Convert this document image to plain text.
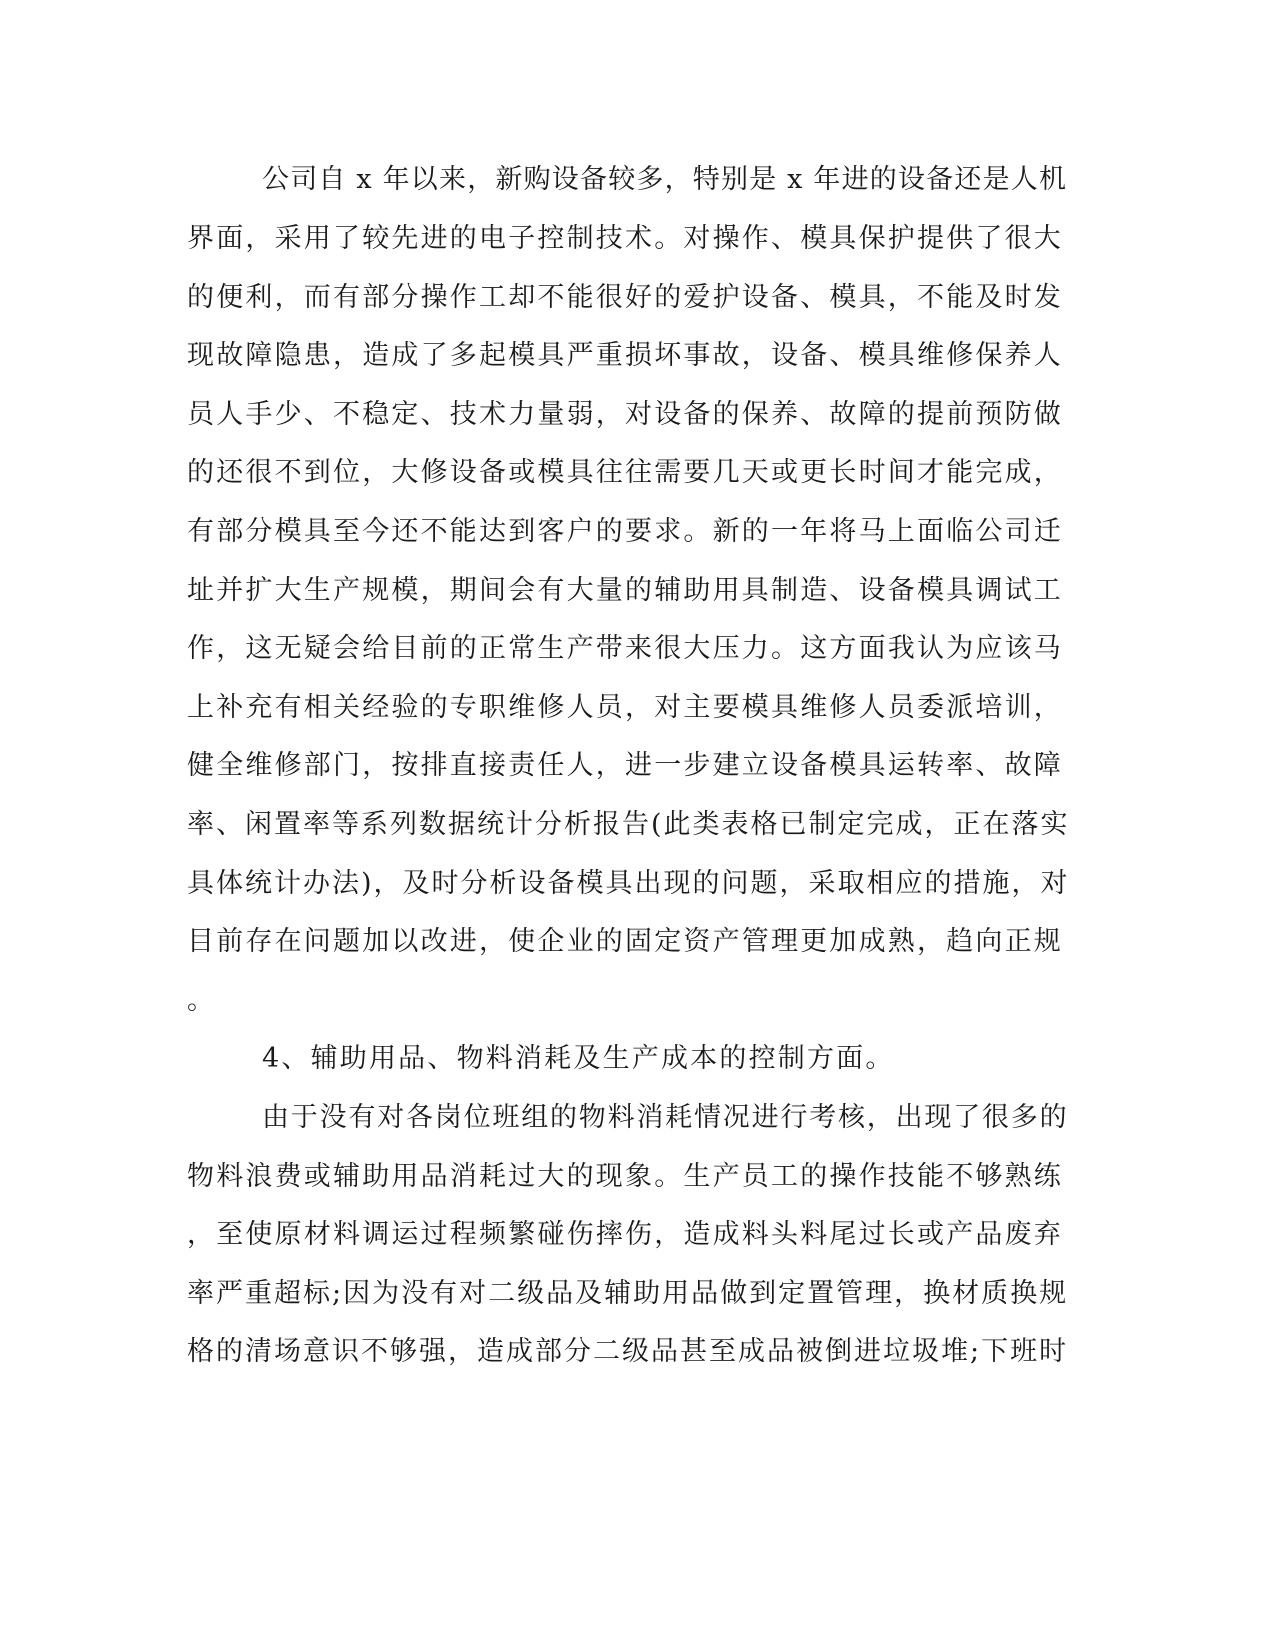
公司自 x 年以来，新购设备较多，特别是 x 年进的设备还是人机
界面，采用了较先进的电子控制技术。对操作、模具保护提供了很大
的便利，而有部分操作工却不能很好的爱护设备、模具，不能及时发
现故障隐患，造成了多起模具严重损坏事故，设备、模具维修保养人
员人手少、不稳定、技术力量弱，对设备的保养、故障的提前预防做
的还很不到位，大修设备或模具往往需要几天或更长时间才能完成，
有部分模具至今还不能达到客户的要求。新的一年将马上面临公司迁
址并扩大生产规模，期间会有大量的辅助用具制造、设备模具调试工
作，这无疑会给目前的正常生产带来很大压力。这方面我认为应该马
上补充有相关经验的专职维修人员，对主要模具维修人员委派培训，
健全维修部门，按排直接责任人，进一步建立设备模具运转率、故障
率、闲置率等系列数据统计分析报告(此类表格已制定完成，正在落实
具体统计办法)，及时分析设备模具出现的问题，采取相应的措施，对
目前存在问题加以改进，使企业的固定资产管理更加成熟，趋向正规
。
4、辅助用品、物料消耗及生产成本的控制方面。
由于没有对各岗位班组的物料消耗情况进行考核，出现了很多的
物料浪费或辅助用品消耗过大的现象。生产员工的操作技能不够熟练
，至使原材料调运过程频繁碰伤摔伤，造成料头料尾过长或产品废弃
率严重超标;因为没有对二级品及辅助用品做到定置管理，换材质换规
格的清场意识不够强，造成部分二级品甚至成品被倒进垃圾堆;下班时
